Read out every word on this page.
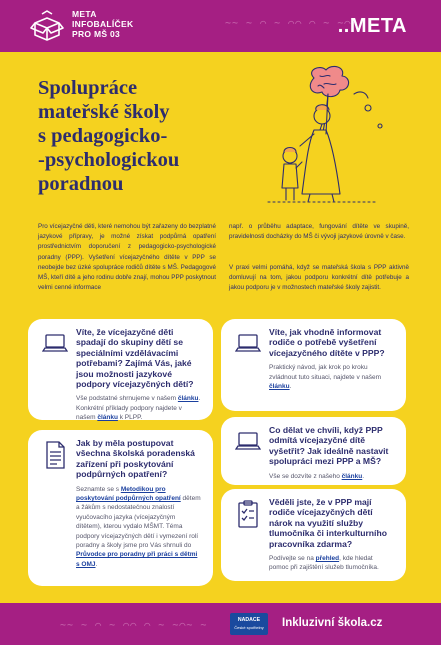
META
INFOBALÍČEK
PRO MŠ 03
~~ ~ ⌒ ~ ⌒⌒ ⌒ ~ ~⌒~
..META
Spolupráce
mateřské školy
s pedagogicko-
-psychologickou
poradnou

Pro vícejazyčné děti, které nemohou být zařazeny do bezplatné jazykové přípravy, je možné získat podpůrná opatření prostřednictvím doporučení z pedagogicko-psychologické poradny (PPP). Vyšetření vícejazyčného dítěte v PPP se neobejde bez úzké spolupráce rodičů dítěte s MŠ. Pedagogové MŠ, kteří dítě a jeho rodinu dobře znají, mohou PPP poskytnout velmi cenné informace

např. o průběhu adaptace, fungování dítěte ve skupině, pravidelnosti docházky do MŠ či vývoji jazykové úrovně v čase.

V praxi velmi pomáhá, když se mateřská škola s PPP aktivně domluvují na tom, jakou podporu konkrétní dítě potřebuje a jakou podporu je v možnostech mateřské školy zajistit.

Víte, že vícejazyčné děti spadají do skupiny dětí se speciálními vzdělávacími potřebami? Zajímá Vás, jaké jsou možnosti jazykové podpory vícejazyčných dětí?
Vše podstatné shrnujeme v našem článku. Konkrétní příklady podpory najdete v našem článku k PLPP.
Jak by měla postupovat všechna školská poradenská zařízení při poskytování podpůrných opatření?
Seznamte se s Metodikou pro poskytování podpůrných opatření dětem a žákům s nedostatečnou znalostí vyučovacího jazyka (vícejazyčným dítětem), kterou vydalo MŠMT. Téma podpory vícejazyčných dětí i vymezení rolí poradny a školy jsme pro Vás shrnuli do Průvodce pro poradny při práci s dětmi s OMJ.
Víte, jak vhodně informovat rodiče o potřebě vyšetření vícejazyčného dítěte v PPP?
Praktický návod, jak krok po kroku zvládnout tuto situaci, najdete v našem článku.
Co dělat ve chvíli, když PPP odmítá vícejazyčné dítě vyšetřit? Jak ideálně nastavit spolupráci mezi PPP a MŠ?
Vše se dozvíte z našeho článku.
Věděli jste, že v PPP mají rodiče vícejazyčných dětí nárok na využití služby tlumočníka či interkulturního pracovníka zdarma?
Podívejte se na přehled, kde hledat pomoc při zajištění služeb tlumočníka.
~~ ~ ⌒ ~ ⌒⌒ ⌒ ~ ~⌒~ ~	NADACE
České spořitelny	Inkluzivní škola.cz
